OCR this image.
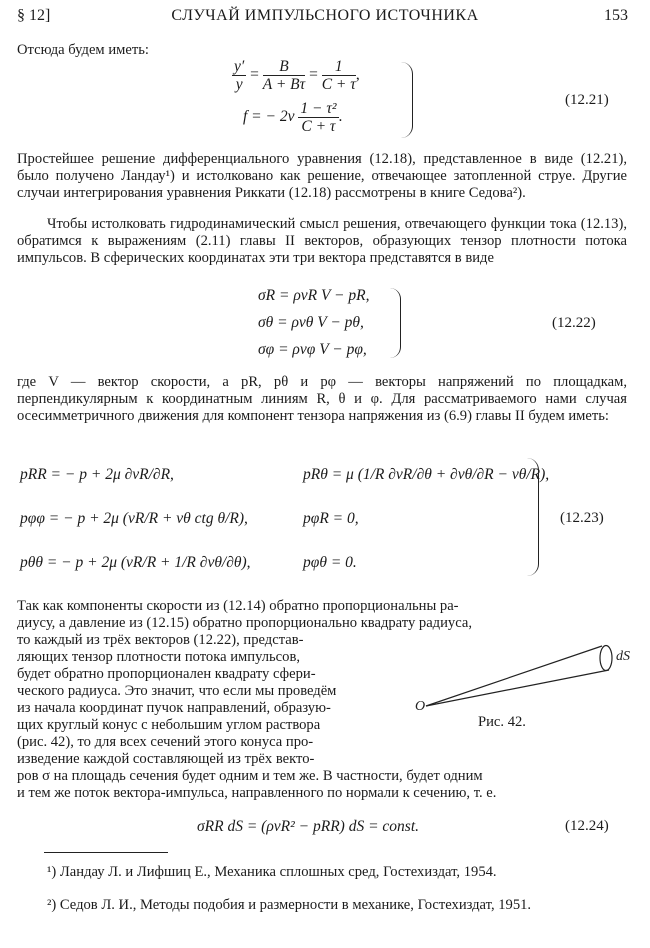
§ 12]	СЛУЧАЙ ИМПУЛЬСНОГО ИСТОЧНИКА	153
Отсюда будем иметь:
$\frac{y'}{y} = \frac{B}{A + B\tau} = \frac{1}{C + \tau}$ ,
f = − $2\nu \frac{\text{1 − τ²}}{C + \tau}$ .
(12.21)
Простейшее решение дифференциального уравнения (12.18), представленное в виде (12.21), было получено Ландау¹) и истолковано как решение, отвечающее затопленной струе. Другие случаи интегрирования уравнения Риккати (12.18) рассмотрены в книге Седова²).
Чтобы истолковать гидродинамический смысл решения, отвечающего функции тока (12.13), обратимся к выражениям (2.11) главы II векторов, образующих тензор плотности потока импульсов. В сферических координатах эти три вектора представятся в виде
σR = ρvR V − pR,
σθ = ρvθ V − pθ,
σφ = ρvφ V − pφ,
(12.22)
где V — вектор скорости, а pR, pθ и pφ — векторы напряжений по площадкам, перпендикулярным к координатным линиям R, θ и φ. Для рассматриваемого нами случая осесимметричного движения для компонент тензора напряжения из (6.9) главы II будем иметь:
pRR = − p + 2μ ∂vR/∂R,	pRθ = μ (1/R ∂vR/∂θ + ∂vθ/∂R − vθ/R),
pφφ = − p + 2μ (vR/R + vθ ctg θ/R),	pφR = 0,
pθθ = − p + 2μ (vR/R + 1/R ∂vθ/∂θ),	pφθ = 0.
(12.23)
Так как компоненты скорости из (12.14) обратно пропорциональны ра-
диусу, а давление из (12.15) обратно пропорционально квадрату радиуса,
то каждый из трёх векторов (12.22), представ-
ляющих тензор плотности потока импульсов,
будет обратно пропорционален квадрату сфери-
ческого радиуса. Это значит, что если мы проведём
из начала координат пучок направлений, образую-
щих круглый конус с небольшим углом раствора
(рис. 42), то для всех сечений этого конуса про-
изведение каждой составляющей из трёх векто-
ров σ на площадь сечения будет одним и тем же. В частности, будет одним
и тем же поток вектора-импульса, направленного по нормали к сечению, т. е.
O
dS
Рис. 42.
σRR dS = (ρvR² − pRR) dS = const.	(12.24)
¹) Ландау Л. и Лифшиц Е., Механика сплошных сред, Гостехиздат, 1954.
²) Седов Л. И., Методы подобия и размерности в механике, Гостехиздат, 1951.
